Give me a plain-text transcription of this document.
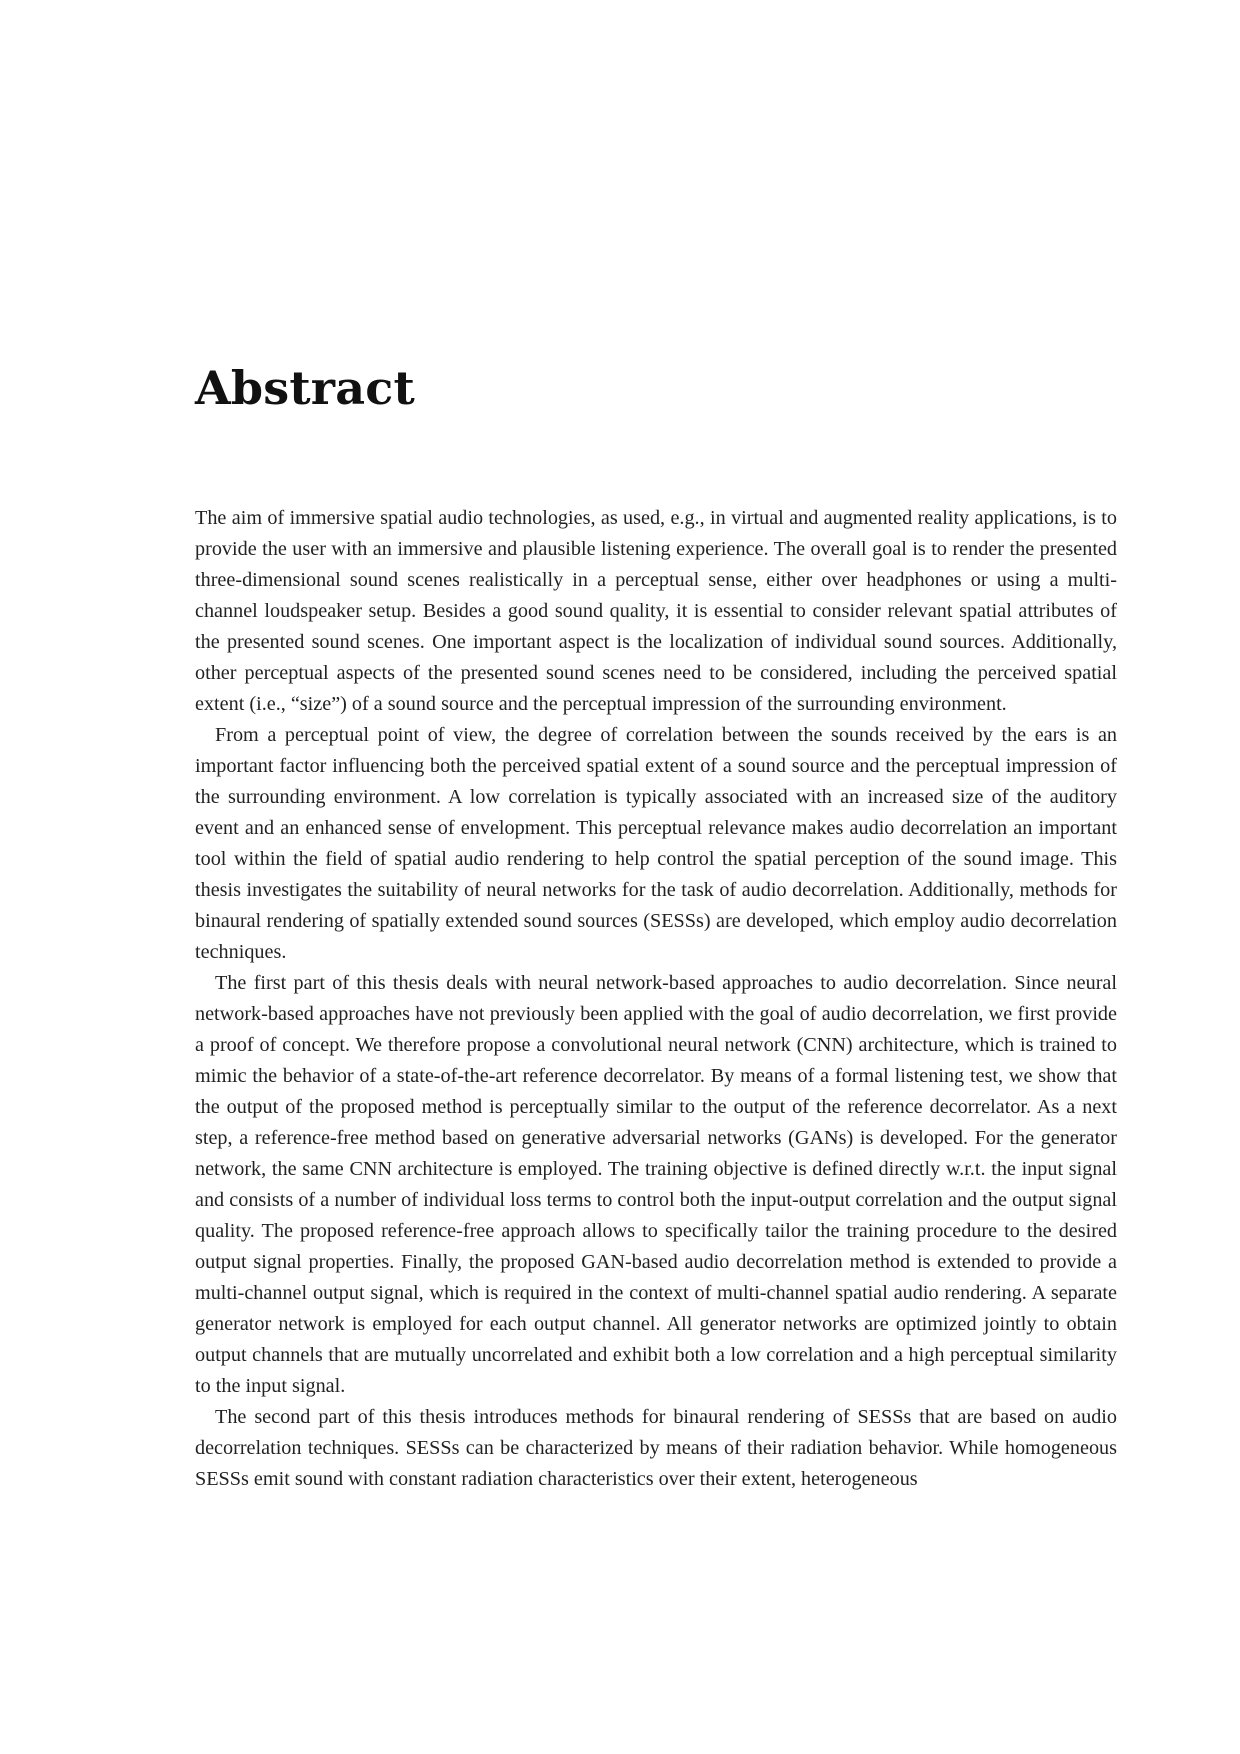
Abstract

The aim of immersive spatial audio technologies, as used, e.g., in virtual and augmented reality applications, is to provide the user with an immersive and plausible listening experience. The overall goal is to render the presented three-dimensional sound scenes realistically in a perceptual sense, either over headphones or using a multi-channel loudspeaker setup. Besides a good sound quality, it is essential to consider relevant spatial attributes of the presented sound scenes. One important aspect is the localization of individual sound sources. Additionally, other perceptual aspects of the presented sound scenes need to be considered, including the perceived spatial extent (i.e., “size”) of a sound source and the perceptual impression of the surrounding environment.

From a perceptual point of view, the degree of correlation between the sounds received by the ears is an important factor influencing both the perceived spatial extent of a sound source and the perceptual impression of the surrounding environment. A low correlation is typically associated with an increased size of the auditory event and an enhanced sense of envelopment. This perceptual relevance makes audio decorrelation an important tool within the field of spatial audio rendering to help control the spatial perception of the sound image. This thesis investigates the suitability of neural networks for the task of audio decorrelation. Additionally, methods for binaural rendering of spatially extended sound sources (SESSs) are developed, which employ audio decorrelation techniques.

The first part of this thesis deals with neural network-based approaches to audio decorrelation. Since neural network-based approaches have not previously been applied with the goal of audio decorrelation, we first provide a proof of concept. We therefore propose a convolutional neural network (CNN) architecture, which is trained to mimic the behavior of a state-of-the-art reference decorrelator. By means of a formal listening test, we show that the output of the proposed method is perceptually similar to the output of the reference decorrelator. As a next step, a reference-free method based on generative adversarial networks (GANs) is developed. For the generator network, the same CNN architecture is employed. The training objective is defined directly w.r.t. the input signal and consists of a number of individual loss terms to control both the input-output correlation and the output signal quality. The proposed reference-free approach allows to specifically tailor the training procedure to the desired output signal properties. Finally, the proposed GAN-based audio decorrelation method is extended to provide a multi-channel output signal, which is required in the context of multi-channel spatial audio rendering. A separate generator network is employed for each output channel. All generator networks are optimized jointly to obtain output channels that are mutually uncorrelated and exhibit both a low correlation and a high perceptual similarity to the input signal.

The second part of this thesis introduces methods for binaural rendering of SESSs that are based on audio decorrelation techniques. SESSs can be characterized by means of their radiation behavior. While homogeneous SESSs emit sound with constant radiation characteristics over their extent, heterogeneous
